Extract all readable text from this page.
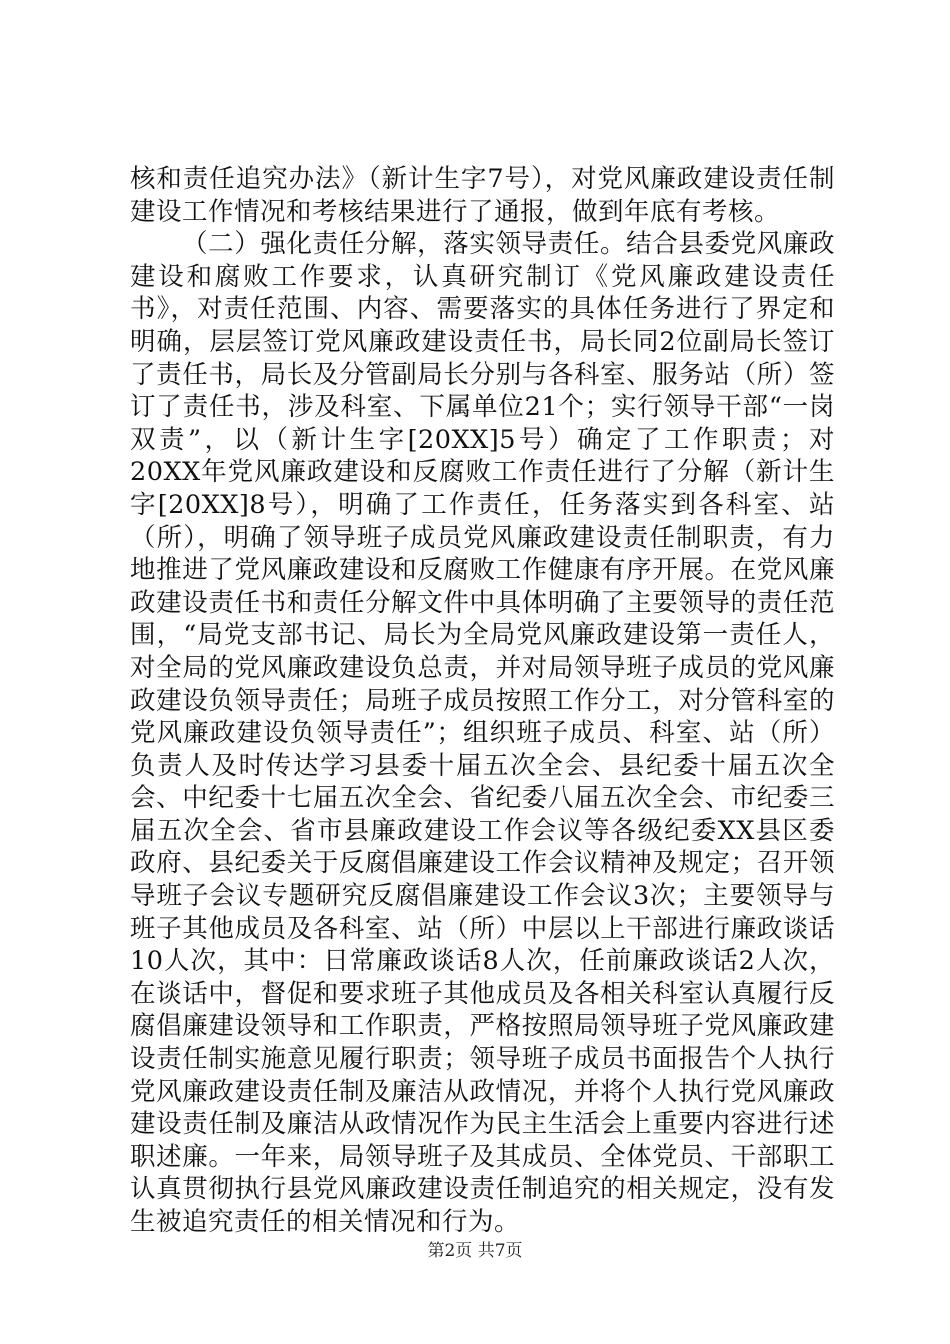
核和责任追究办法》（新计生字7号），对党风廉政建设责任制建设工作情况和考核结果进行了通报，做到年底有考核。

（二）强化责任分解，落实领导责任。结合县委党风廉政建设和腐败工作要求，认真研究制订《党风廉政建设责任书》，对责任范围、内容、需要落实的具体任务进行了界定和明确，层层签订党风廉政建设责任书，局长同2位副局长签订了责任书，局长及分管副局长分别与各科室、服务站（所）签订了责任书，涉及科室、下属单位21个；实行领导干部“一岗双责”，以（新计生字[20XX]5号）确定了工作职责；对20XX年党风廉政建设和反腐败工作责任进行了分解（新计生字[20XX]8号），明确了工作责任，任务落实到各科室、站（所），明确了领导班子成员党风廉政建设责任制职责，有力地推进了党风廉政建设和反腐败工作健康有序开展。在党风廉政建设责任书和责任分解文件中具体明确了主要领导的责任范围，“局党支部书记、局长为全局党风廉政建设第一责任人，对全局的党风廉政建设负总责，并对局领导班子成员的党风廉政建设负领导责任；局班子成员按照工作分工，对分管科室的党风廉政建设负领导责任”；组织班子成员、科室、站（所）负责人及时传达学习县委十届五次全会、县纪委十届五次全会、中纪委十七届五次全会、省纪委八届五次全会、市纪委三届五次全会、省市县廉政建设工作会议等各级纪委XX县区委政府、县纪委关于反腐倡廉建设工作会议精神及规定；召开领导班子会议专题研究反腐倡廉建设工作会议3次；主要领导与班子其他成员及各科室、站（所）中层以上干部进行廉政谈话10人次，其中：日常廉政谈话8人次，任前廉政谈话2人次，在谈话中，督促和要求班子其他成员及各相关科室认真履行反腐倡廉建设领导和工作职责，严格按照局领导班子党风廉政建设责任制实施意见履行职责；领导班子成员书面报告个人执行党风廉政建设责任制及廉洁从政情况，并将个人执行党风廉政建设责任制及廉洁从政情况作为民主生活会上重要内容进行述职述廉。一年来，局领导班子及其成员、全体党员、干部职工认真贯彻执行县党风廉政建设责任制追究的相关规定，没有发生被追究责任的相关情况和行为。

第2页 共7页
